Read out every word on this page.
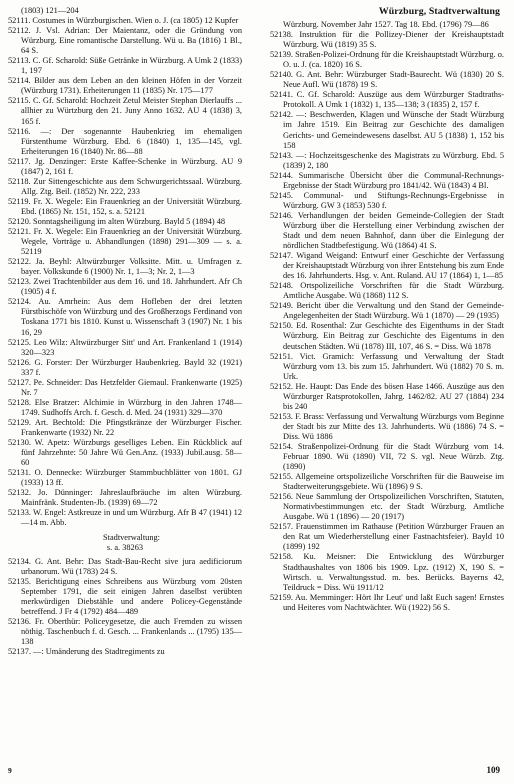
Würzburg, Stadtverwaltung

(1803) 121—204

52111. Costumes in Würzburgischen. Wien o. J. (ca 1805) 12 Kupfer

52112. J. Vsl. Adrian: Der Maientanz, oder die Gründung von Würzburg. Eine romantische Darstellung. Wü u. Ba (1816) 1 Bl., 64 S.

52113. C. Gf. Scharold: Süße Getränke in Würzburg. A Umk 2 (1833) 1, 197

52114. Bilder aus dem Leben an den kleinen Höfen in der Vorzeit (Würzburg 1731). Erheiterungen 11 (1835) Nr. 175—177

52115. C. Gf. Scharold: Hochzeit Zetul Meister Stephan Dierlauffs ... allhier zu Würtzburg den 21. Juny Anno 1632. AU 4 (1838) 3, 165 f.

52116. —: Der sogenannte Haubenkrieg im ehemaligen Fürstenthume Würzburg. Ebd. 6 (1840) 1, 135—145, vgl. Erheiterungen 16 (1840) Nr. 86—88

52117. Jg. Denzinger: Erste Kaffee-Schenke in Würzburg. AU 9 (1847) 2, 161 f.

52118. Zur Sittengeschichte aus dem Schwurgerichtssaal. Würzburg. Allg. Ztg. Beil. (1852) Nr. 222, 233

52119. Fr. X. Wegele: Ein Frauenkrieg an der Universität Würzburg. Ebd. (1865) Nr. 151, 152, s. a. 52121

52120. Sonntagsheiligung im alten Würzburg. Bayld 5 (1894) 48

52121. Fr. X. Wegele: Ein Frauenkrieg an der Universität Würzburg. Wegele, Vorträge u. Abhandlungen (1898) 291—309 — s. a. 52119

52122. Ja. Beyhl: Altwürzburger Volksitte. Mitt. u. Umfragen z. bayer. Volkskunde 6 (1900) Nr. 1, 1—3; Nr. 2, 1—3

52123. Zwei Trachtenbilder aus dem 16. und 18. Jahrhundert. Afr Ch (1905) 4 f.

52124. Au. Amrhein: Aus dem Hofleben der drei letzten Fürstbischöfe von Würzburg und des Großherzogs Ferdinand von Toskana 1771 bis 1810. Kunst u. Wissenschaft 3 (1907) Nr. 1 bis 16, 29

52125. Leo Wilz: Altwürzburger Sitt' und Art. Frankenland 1 (1914) 320—323

52126. G. Forster: Der Würzburger Haubenkrieg. Bayld 32 (1921) 337 f.

52127. Pe. Schneider: Das Hetzfelder Giemaul. Frankenwarte (1925) Nr. 7

52128. Else Bratzer: Alchimie in Würzburg in den Jahren 1748—1749. Sudhoffs Arch. f. Gesch. d. Med. 24 (1931) 329—370

52129. Art. Bechtold: Die Pfingstkränze der Würzburger Fischer. Frankenwarte (1932) Nr. 22

52130. W. Apetz: Würzburgs geselliges Leben. Ein Rückblick auf fünf Jahrzehnte: 50 Jahre Wü Gen.Anz. (1933) Jubil.ausg. 58—60

52131. O. Dennecke: Würzburger Stammbuchblätter von 1801. GJ (1933) 13 ff.

52132. Jo. Dünninger: Jahreslaufbräuche im alten Würzburg. Mainfränk. Studenten-Jb. (1939) 69—72

52133. W. Engel: Astkreuze in und um Würzburg. Afr B 47 (1941) 12—14 m. Abb.

Stadtverwaltung:

s. a. 38263

52134. G. Ant. Behr: Das Stadt-Bau-Recht sive jura aedificiorum urbanorum. Wü (1783) 24 S.

52135. Berichtigung eines Schreibens aus Würzburg vom 20sten September 1791, die seit einigen Jahren daselbst verübten merkwürdigen Diebstähle und andere Policey-Gegenstände betreffend. J Fr 4 (1792) 484—489

52136. Fr. Oberthür: Policeygesetze, die auch Fremden zu wissen nöthig. Taschenbuch f. d. Gesch. ... Frankenlands ... (1795) 135—138

52137. —: Umänderung des Stadtregiments zu

Würzburg. November Jahr 1527. Tag 18. Ebd. (1796) 79—86

52138. Instruktion für die Pollizey-Diener der Kreishauptstadt Würzburg. Wü (1819) 35 S.

52139. Straßen-Polizei-Ordnung für die Kreishauptstadt Würzburg. o. O. u. J. (ca. 1820) 16 S.

52140. G. Ant. Behr: Würzburger Stadt-Baurecht. Wü (1830) 20 S. Neue Aufl. Wü (1878) 19 S.

52141. C. Gf. Scharold: Auszüge aus dem Würzburger Stadtraths-Protokoll. A Umk 1 (1832) 1, 135—138; 3 (1835) 2, 157 f.

52142. —: Beschwerden, Klagen und Wünsche der Stadt Würzburg im Jahre 1519. Ein Beitrag zur Geschichte des damaligen Gerichts- und Gemeindewesens daselbst. AU 5 (1838) 1, 152 bis 158

52143. —: Hochzeitsgeschenke des Magistrats zu Würzburg. Ebd. 5 (1839) 2, 180

52144. Summarische Übersicht über die Communal-Rechnungs-Ergebnisse der Stadt Würzburg pro 1841/42. Wü (1843) 4 Bl.

52145. Communal- und Stiftungs-Rechnungs-Ergebnisse in Würzburg. GW 3 (1853) 530 f.

52146. Verhandlungen der beiden Gemeinde-Collegien der Stadt Würzburg über die Herstellung einer Verbindung zwischen der Stadt und dem neuen Bahnhof, dann über die Einlegung der nördlichen Stadtbefestigung. Wü (1864) 41 S.

52147. Wigand Weigand: Entwurf einer Geschichte der Verfassung der Kreishauptstadt Würzburg von ihrer Entstehung bis zum Ende des 16. Jahrhunderts. Hsg. v. Ant. Ruland. AU 17 (1864) 1, 1—85

52148. Ortspolizeiliche Vorschriften für die Stadt Würzburg. Amtliche Ausgabe. Wü (1868) 112 S.

52149. Bericht über die Verwaltung und den Stand der Gemeinde-Angelegenheiten der Stadt Würzburg. Wü 1 (1870) — 29 (1935)

52150. Ed. Rosenthal: Zur Geschichte des Eigenthums in der Stadt Würzburg. Ein Beitrag zur Geschichte des Eigentums in den deutschen Städten. Wü (1878) III, 107, 46 S. = Diss. Wü 1878

52151. Vict. Gramich: Verfassung und Verwaltung der Stadt Würzburg vom 13. bis zum 15. Jahrhundert. Wü (1882) 70 S. m. Urk.

52152. He. Haupt: Das Ende des bösen Hase 1466. Auszüge aus den Würzburger Ratsprotokollen, Jahrg. 1462/82. AU 27 (1884) 234 bis 240

52153. F. Brass: Verfassung und Verwaltung Würzburgs vom Beginne der Stadt bis zur Mitte des 13. Jahrhunderts. Wü (1886) 74 S. = Diss. Wü 1886

52154. Straßenpolizei-Ordnung für die Stadt Würzburg vom 14. Februar 1890. Wü (1890) VII, 72 S. vgl. Neue Würzb. Ztg. (1890)

52155. Allgemeine ortspolizeiliche Vorschriften für die Bauweise im Stadterweiterungsgebiete. Wü (1896) 9 S.

52156. Neue Sammlung der Ortspolizeilichen Vorschriften, Statuten, Normativbestimmungen etc. der Stadt Würzburg. Amtliche Ausgabe. Wü 1 (1896) — 20 (1917)

52157. Frauenstimmen im Rathause (Petition Würzburger Frauen an den Rat um Wiederherstellung einer Fastnachtsfeier). Bayld 10 (1899) 192

52158. Ku. Meisner: Die Entwicklung des Würzburger Stadthaushaltes von 1806 bis 1909. Lpz. (1912) X, 190 S. = Wirtsch. u. Verwaltungsstud. m. bes. Berücks. Bayerns 42, Teildruck = Diss. Wü 1911/12

52159. Au. Memminger: Hört Ihr Leut' und laßt Euch sagen! Ernstes und Heiteres vom Nachtwächter. Wü (1922) 56 S.

9	109
